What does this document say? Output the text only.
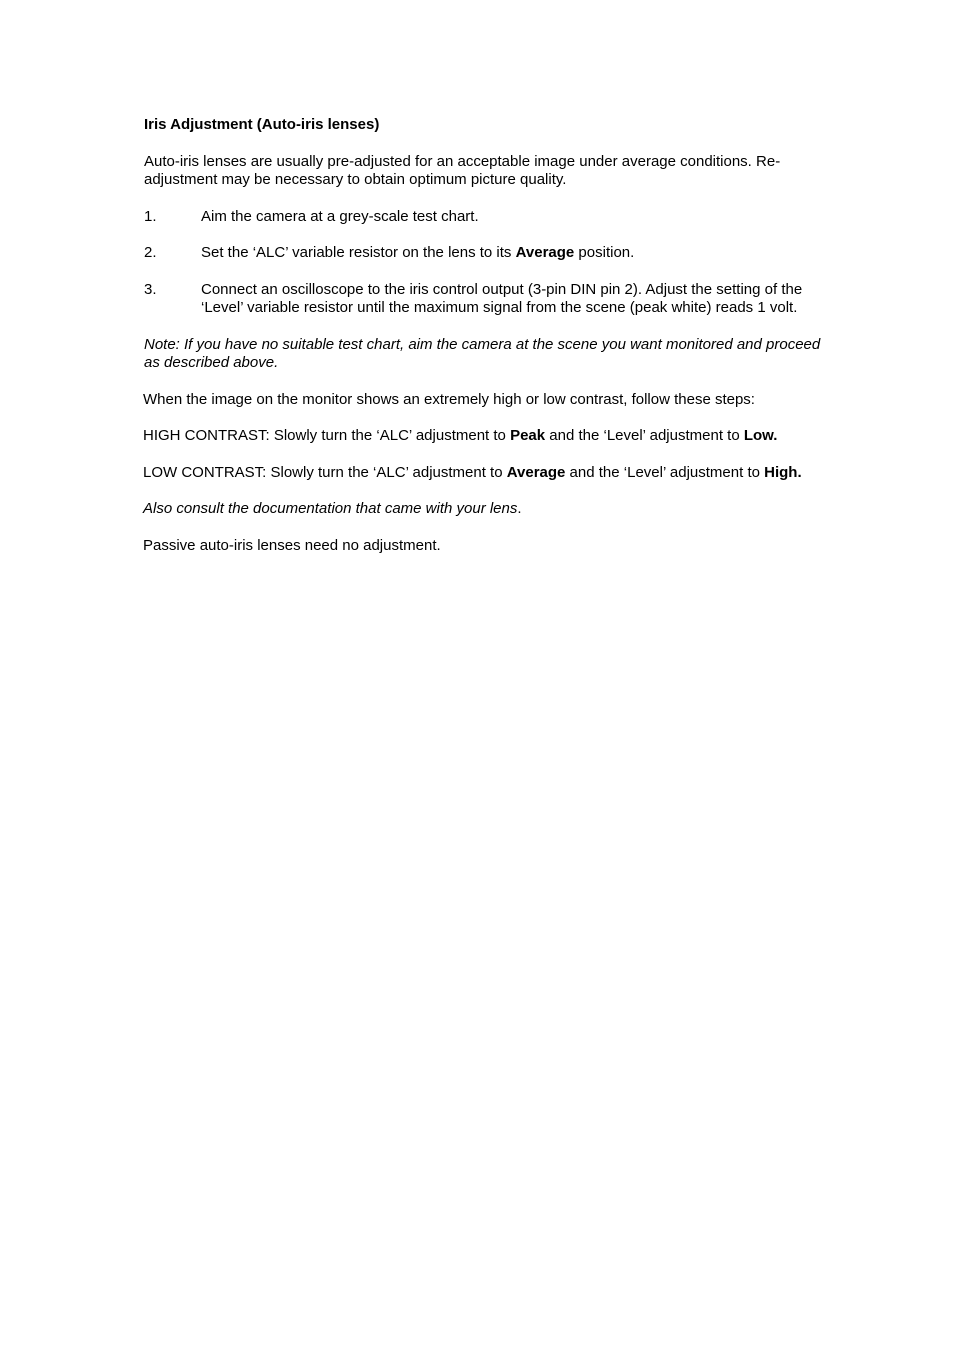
Iris Adjustment (Auto-iris lenses)

Auto-iris lenses are usually pre-adjusted for an acceptable image under average conditions. Re- adjustment may be necessary to obtain optimum picture quality.

1.	Aim the camera at a grey-scale test chart.
2.	Set the ‘ALC’ variable resistor on the lens to its Average position.
3.	Connect an oscilloscope to the iris control output (3-pin DIN pin 2). Adjust the setting of the ‘Level’ variable resistor until the maximum signal from the scene (peak white) reads 1 volt.

Note: If you have no suitable test chart, aim the camera at the scene you want monitored and proceed as described above.

When the image on the monitor shows an extremely high or low contrast, follow these steps:

HIGH CONTRAST: Slowly turn the ‘ALC’ adjustment to Peak and the ‘Level’ adjustment to Low.

LOW CONTRAST: Slowly turn the ‘ALC’ adjustment to Average and the ‘Level’ adjustment to High.

Also consult the documentation that came with your lens.

Passive auto-iris lenses need no adjustment.
